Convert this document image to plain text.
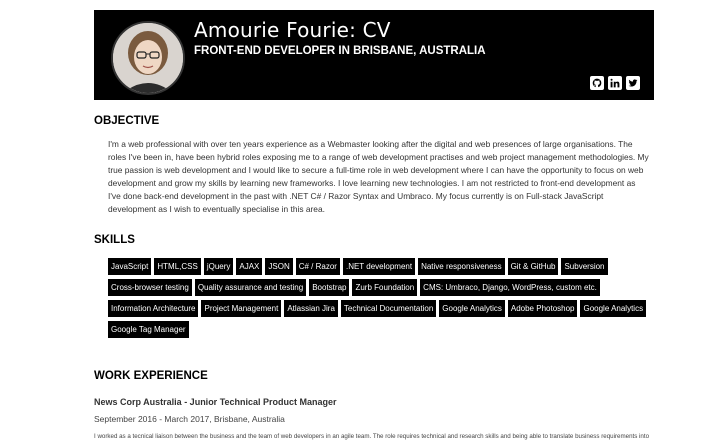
Amourie Fourie: CV
FRONT-END DEVELOPER IN BRISBANE, AUSTRALIA
OBJECTIVE

I'm a web professional with over ten years experience as a Webmaster looking after the digital and web presences of large organisations. The roles I've been in, have been hybrid roles exposing me to a range of web development practises and web project management methodologies. My true passion is web development and I would like to secure a full-time role in web development where I can have the opportunity to focus on web development and grow my skills by learning new frameworks. I love learning new technologies. I am not restricted to front-end development as I've done back-end development in the past with .NET C# / Razor Syntax and Umbraco. My focus currently is on Full-stack JavaScript development as I wish to eventually specialise in this area.

SKILLS
JavaScript	HTML,CSS	jQuery	AJAX	JSON	C# / Razor	.NET development	Native responsiveness	Git & GitHub	Subversion
Cross-browser testing	Quality assurance and testing	Bootstrap	Zurb Foundation	CMS: Umbraco, Django, WordPress, custom etc.
Information Architecture	Project Management	Atlassian Jira	Technical Documentation	Google Analytics	Adobe Photoshop	Google Analytics
Google Tag Manager
WORK EXPERIENCE
News Corp Australia - Junior Technical Product Manager
September 2016 - March 2017, Brisbane, Australia
I worked as a tecnical liaison between the business and the team of web developers in an agile team. The role requires technical and research skills and being able to translate business requirements into
